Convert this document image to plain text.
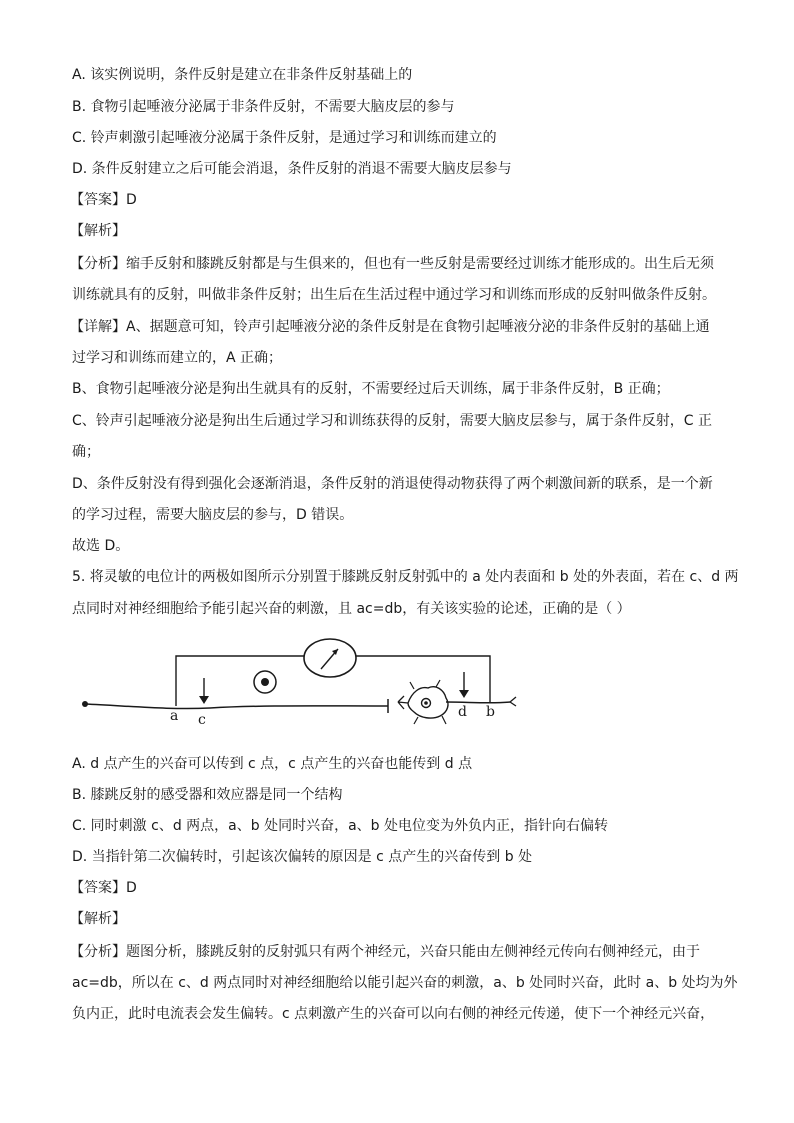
A. 该实例说明，条件反射是建立在非条件反射基础上的
B. 食物引起唾液分泌属于非条件反射，不需要大脑皮层的参与
C. 铃声刺激引起唾液分泌属于条件反射，是通过学习和训练而建立的
D. 条件反射建立之后可能会消退，条件反射的消退不需要大脑皮层参与
【答案】D
【解析】
【分析】缩手反射和膝跳反射都是与生俱来的，但也有一些反射是需要经过训练才能形成的。出生后无须
训练就具有的反射，叫做非条件反射；出生后在生活过程中通过学习和训练而形成的反射叫做条件反射。
【详解】A、据题意可知，铃声引起唾液分泌的条件反射是在食物引起唾液分泌的非条件反射的基础上通
过学习和训练而建立的，A 正确；
B、食物引起唾液分泌是狗出生就具有的反射，不需要经过后天训练，属于非条件反射，B 正确；
C、铃声引起唾液分泌是狗出生后通过学习和训练获得的反射，需要大脑皮层参与，属于条件反射，C 正
确；
D、条件反射没有得到强化会逐渐消退，条件反射的消退使得动物获得了两个刺激间新的联系，是一个新
的学习过程，需要大脑皮层的参与，D 错误。
故选 D。
5. 将灵敏的电位计的两极如图所示分别置于膝跳反射反射弧中的 a 处内表面和 b 处的外表面，若在 c、d 两
点同时对神经细胞给予能引起兴奋的刺激，且 ac=db，有关该实验的论述，正确的是（ ）
a c	d b
A. d 点产生的兴奋可以传到 c 点，c 点产生的兴奋也能传到 d 点
B. 膝跳反射的感受器和效应器是同一个结构
C. 同时刺激 c、d 两点，a、b 处同时兴奋，a、b 处电位变为外负内正，指针向右偏转
D. 当指针第二次偏转时，引起该次偏转的原因是 c 点产生的兴奋传到 b 处
【答案】D
【解析】
【分析】题图分析，膝跳反射的反射弧只有两个神经元，兴奋只能由左侧神经元传向右侧神经元，由于
ac=db，所以在 c、d 两点同时对神经细胞给以能引起兴奋的刺激，a、b 处同时兴奋，此时 a、b 处均为外
负内正，此时电流表会发生偏转。c 点刺激产生的兴奋可以向右侧的神经元传递，使下一个神经元兴奋，
